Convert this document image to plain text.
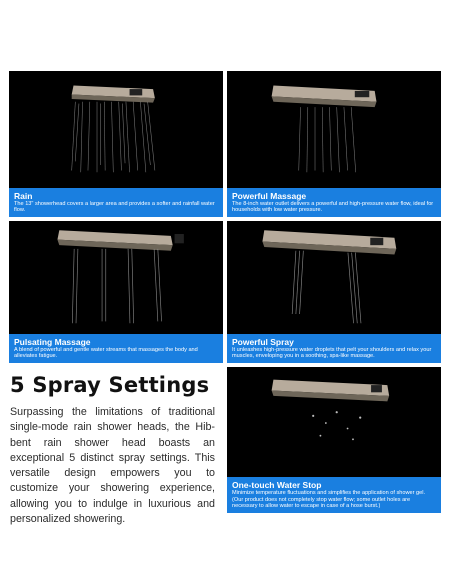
Rain
The 13" showerhead covers a larger area and provides a softer and rainfall water flow.
Powerful Massage
The 8-inch water outlet delivers a powerful and high-pressure water flow, ideal for households with low water pressure.
Pulsating Massage
A blend of powerful and gentle water streams that massages the body and alleviates fatigue.
Powerful Spray
It unleashes high-pressure water droplets that pelt your shoulders and relax your muscles, enveloping you in a soothing, spa-like massage.
One-touch Water Stop
Minimize temperature fluctuations and simplifies the application of shower gel. (Our product does not completely stop water flow; some outlet holes are necessary to allow water to escape in case of a hose burst.)
5 Spray Settings
Surpassing the limitations of traditional single-mode rain shower heads, the Hib-bent rain shower head boasts an exceptional 5 distinct spray settings. This versatile design empowers you to customize your showering experience, allowing you to indulge in luxurious and personalized showering.
